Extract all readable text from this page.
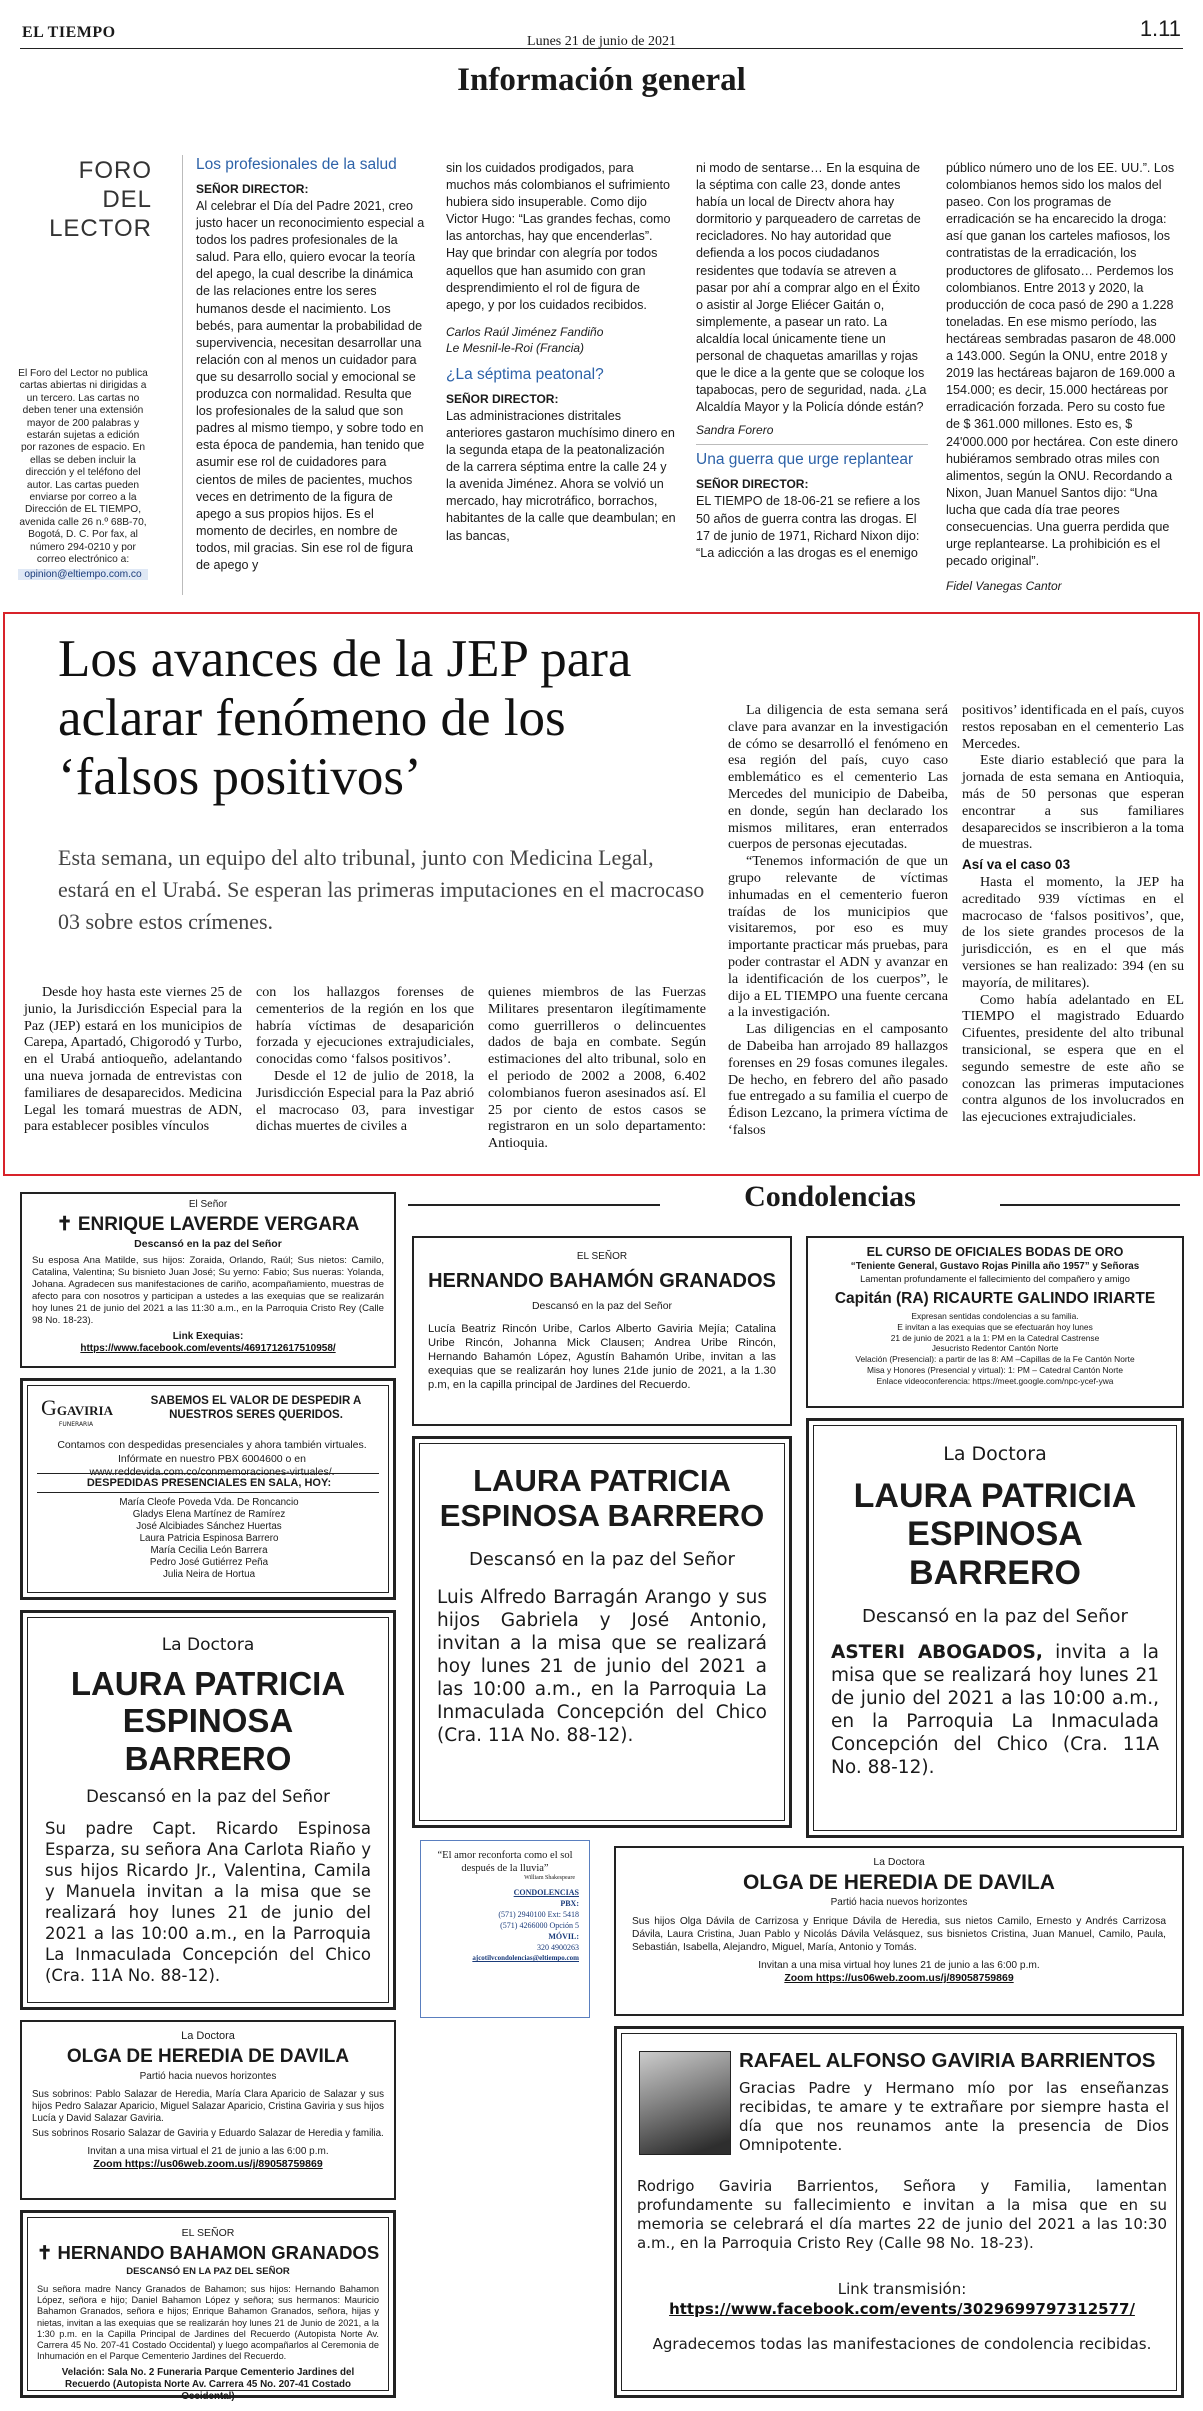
EL TIEMPO
Lunes 21 de junio de 2021
1.11
Información general
FORO DEL
LECTOR
El Foro del Lector no publica cartas abiertas ni dirigidas a un tercero. Las cartas no deben tener una extensión mayor de 200 palabras y estarán sujetas a edición por razones de espacio. En ellas se deben incluir la dirección y el teléfono del autor. Las cartas pueden enviarse por correo a la Dirección de EL TIEMPO, avenida calle 26 n.º 68B-70, Bogotá, D. C. Por fax, al número 294-0210 y por correo electrónico a:
opinion@eltiempo.com.co
Los profesionales de la salud
SEÑOR DIRECTOR:
Al celebrar el Día del Padre 2021, creo justo hacer un reconocimiento especial a todos los padres profesionales de la salud. Para ello, quiero evocar la teoría del apego, la cual describe la dinámica de las relaciones entre los seres humanos desde el nacimiento. Los bebés, para aumentar la probabilidad de supervivencia, necesitan desarrollar una relación con al menos un cuidador para que su desarrollo social y emocional se produzca con normalidad. Resulta que los profesionales de la salud que son padres al mismo tiempo, y sobre todo en esta época de pandemia, han tenido que asumir ese rol de cuidadores para cientos de miles de pacientes, muchos veces en detrimento de la figura de apego a sus propios hijos. Es el momento de decirles, en nombre de todos, mil gracias. Sin ese rol de figura de apego y
sin los cuidados prodigados, para muchos más colombianos el sufrimiento hubiera sido insuperable. Como dijo Victor Hugo: “Las grandes fechas, como las antorchas, hay que encenderlas”. Hay que brindar con alegría por todos aquellos que han asumido con gran desprendimiento el rol de figura de apego, y por los cuidados recibidos.
Carlos Raúl Jiménez Fandiño
Le Mesnil-le-Roi (Francia)
¿La séptima peatonal?
SEÑOR DIRECTOR:
Las administraciones distritales anteriores gastaron muchísimo dinero en la segunda etapa de la peatonalización de la carrera séptima entre la calle 24 y la avenida Jiménez. Ahora se volvió un mercado, hay microtráfico, borrachos, habitantes de la calle que deambulan; en las bancas,
ni modo de sentarse… En la esquina de la séptima con calle 23, donde antes había un local de Directv ahora hay dormitorio y parqueadero de carretas de recicladores. No hay autoridad que defienda a los pocos ciudadanos residentes que todavía se atreven a pasar por ahí a comprar algo en el Éxito o asistir al Jorge Eliécer Gaitán o, simplemente, a pasear un rato. La alcaldía local únicamente tiene un personal de chaquetas amarillas y rojas que le dice a la gente que se coloque los tapabocas, pero de seguridad, nada. ¿La Alcaldía Mayor y la Policía dónde están?
Sandra Forero
Una guerra que urge replantear
SEÑOR DIRECTOR:
EL TIEMPO de 18-06-21 se refiere a los 50 años de guerra contra las drogas. El 17 de junio de 1971, Richard Nixon dijo: “La adicción a las drogas es el enemigo
público número uno de los EE. UU.”. Los colombianos hemos sido los malos del paseo. Con los programas de erradicación se ha encarecido la droga: así que ganan los carteles mafiosos, los contratistas de la erradicación, los productores de glifosato… Perdemos los colombianos. Entre 2013 y 2020, la producción de coca pasó de 290 a 1.228 toneladas. En ese mismo período, las hectáreas sembradas pasaron de 48.000 a 143.000. Según la ONU, entre 2018 y 2019 las hectáreas bajaron de 169.000 a 154.000; es decir, 15.000 hectáreas por erradicación forzada. Pero su costo fue de $ 361.000 millones. Esto es, $ 24'000.000 por hectárea. Con este dinero hubiéramos sembrado otras miles con alimentos, según la ONU. Recordando a Nixon, Juan Manuel Santos dijo: “Una lucha que cada día trae peores consecuencias. Una guerra perdida que urge replantearse. La prohibición es el pecado original”.
Fidel Vanegas Cantor
Los avances de la JEP para aclarar fenómeno de los ‘falsos positivos’
Esta semana, un equipo del alto tribunal, junto con Medicina Legal, estará en el Urabá. Se esperan las primeras imputaciones en el macrocaso 03 sobre estos crímenes.

Desde hoy hasta este viernes 25 de junio, la Jurisdicción Especial para la Paz (JEP) estará en los municipios de Carepa, Apartadó, Chigorodó y Turbo, en el Urabá antioqueño, adelantando una nueva jornada de entrevistas con familiares de desaparecidos. Medicina Legal les tomará muestras de ADN, para establecer posibles vínculos

con los hallazgos forenses de cementerios de la región en los que habría víctimas de desaparición forzada y ejecuciones extrajudiciales, conocidas como ‘falsos positivos’.

Desde el 12 de julio de 2018, la Jurisdicción Especial para la Paz abrió el macrocaso 03, para investigar dichas muertes de civiles a

quienes miembros de las Fuerzas Militares presentaron ilegítimamente como guerrilleros o delincuentes dados de baja en combate. Según estimaciones del alto tribunal, solo en el periodo de 2002 a 2008, 6.402 colombianos fueron asesinados así. El 25 por ciento de estos casos se registraron en un solo departamento: Antioquia.

La diligencia de esta semana será clave para avanzar en la investigación de cómo se desarrolló el fenómeno en esa región del país, cuyo caso emblemático es el cementerio Las Mercedes del municipio de Dabeiba, en donde, según han declarado los mismos militares, eran enterrados cuerpos de personas ejecutadas.

“Tenemos información de que un grupo relevante de víctimas inhumadas en el cementerio fueron traídas de los municipios que visitaremos, por eso es muy importante practicar más pruebas, para poder contrastar el ADN y avanzar en la identificación de los cuerpos”, le dijo a EL TIEMPO una fuente cercana a la investigación.

Las diligencias en el camposanto de Dabeiba han arrojado 89 hallazgos forenses en 29 fosas comunes ilegales. De hecho, en febrero del año pasado fue entregado a su familia el cuerpo de Édison Lezcano, la primera víctima de ‘falsos

positivos’ identificada en el país, cuyos restos reposaban en el cementerio Las Mercedes.

Este diario estableció que para la jornada de esta semana en Antioquia, más de 50 personas que esperan encontrar a sus familiares desaparecidos se inscribieron a la toma de muestras.

Así va el caso 03

Hasta el momento, la JEP ha acreditado 939 víctimas en el macrocaso de ‘falsos positivos’, que, de los siete grandes procesos de la jurisdicción, es en el que más versiones se han realizado: 394 (en su mayoría, de militares).

Como había adelantado en EL TIEMPO el magistrado Eduardo Cifuentes, presidente del alto tribunal transicional, se espera que en el segundo semestre de este año se conozcan las primeras imputaciones contra algunos de los involucrados en las ejecuciones extrajudiciales.

Condolencias
El Señor
✝ ENRIQUE LAVERDE VERGARA
Descansó en la paz del Señor
Su esposa Ana Matilde, sus hijos: Zoraida, Orlando, Raúl; Sus nietos: Camilo, Catalina, Valentina; Su bisnieto Juan José; Su yerno: Fabio; Sus nueras: Yolanda, Johana. Agradecen sus manifestaciones de cariño, acompañamiento, muestras de afecto para con nosotros y participan a ustedes a las exequias que se realizarán hoy lunes 21 de junio del 2021 a las 11:30 a.m., en la Parroquia Cristo Rey (Calle 98 No. 18-23).
Link Exequias: https://www.facebook.com/events/469171261751095​8/
GGAVIRIA
FUNERARIA
SABEMOS EL VALOR DE DESPEDIR A NUESTROS SERES QUERIDOS.
Contamos con despedidas presenciales y ahora también virtuales. Infórmate en nuestro PBX 6004600 o en www.reddevida.com.co/conmemoraciones-virtuales/.
DESPEDIDAS PRESENCIALES EN SALA, HOY:
María Cleofe Poveda Vda. De Roncancio
Gladys Elena Martínez de Ramírez
José Alcibiades Sánchez Huertas
Laura Patricia Espinosa Barrero
María Cecilia León Barrera
Pedro José Gutiérrez Peña
Julia Neira de Hortua
La Doctora
LAURA PATRICIA ESPINOSA BARRERO
Descansó en la paz del Señor
Su padre Capt. Ricardo Espinosa Esparza, su señora Ana Carlota Riaño y sus hijos Ricardo Jr., Valentina, Camila y Manuela invitan a la misa que se realizará hoy lunes 21 de junio del 2021 a las 10:00 a.m., en la Parroquia La Inmaculada Concepción del Chico (Cra. 11A No. 88-12).
La Doctora
OLGA DE HEREDIA DE DAVILA
Partió hacia nuevos horizontes
Sus sobrinos: Pablo Salazar de Heredia, María Clara Aparicio de Salazar y sus hijos Pedro Salazar Aparicio, Miguel Salazar Aparicio, Cristina Gaviria y sus hijos Lucía y David Salazar Gaviria.
Sus sobrinos Rosario Salazar de Gaviria y Eduardo Salazar de Heredia y familia.
Invitan a una misa virtual el 21 de junio a las 6:00 p.m.
Zoom https://us06web.zoom.us/j/89058759869
EL SEÑOR
✝ HERNANDO BAHAMON GRANADOS
DESCANSÓ EN LA PAZ DEL SEÑOR
Su señora madre Nancy Granados de Bahamon; sus hijos: Hernando Bahamon López, señora e hijo; Daniel Bahamon López y señora; sus hermanos: Mauricio Bahamon Granados, señora e hijos; Enrique Bahamon Granados, señora, hijas y nietas, invitan a las exequias que se realizarán hoy lunes 21 de Junio de 2021, a la 1:30 p.m. en la Capilla Principal de Jardines del Recuerdo (Autopista Norte Av. Carrera 45 No. 207-41 Costado Occidental) y luego acompañarlos al Ceremonia de Inhumación en el Parque Cementerio Jardines del Recuerdo.
Velación: Sala No. 2 Funeraria Parque Cementerio Jardines del Recuerdo (Autopista Norte Av. Carrera 45 No. 207-41 Costado Occidental)
EL SEÑOR
HERNANDO BAHAMÓN GRANADOS
Descansó en la paz del Señor
Lucía Beatriz Rincón Uribe, Carlos Alberto Gaviria Mejía; Catalina Uribe Rincón, Johanna Mick Clausen; Andrea Uribe Rincón, Hernando Bahamón López, Agustín Bahamón Uribe, invitan a las exequias que se realizarán hoy lunes 21de junio de 2021, a la 1.30 p.m, en la capilla principal de Jardines del Recuerdo.
LAURA PATRICIA ESPINOSA BARRERO
Descansó en la paz del Señor
Luis Alfredo Barragán Arango y sus hijos Gabriela y José Antonio, invitan a la misa que se realizará hoy lunes 21 de junio del 2021 a las 10:00 a.m., en la Parroquia La Inmaculada Concepción del Chico (Cra. 11A No. 88-12).
“El amor reconforta como el sol después de la lluvia”
William Shakespeare
CONDOLENCIAS
PBX:
(571) 2940100 Ext: 5418
(571) 4266000 Opción 5
MÓVIL:
320 4900263
ajcotilvcondolencias@eltiempo.com
EL CURSO DE OFICIALES BODAS DE ORO
“Teniente General, Gustavo Rojas Pinilla año 1957” y Señoras
Lamentan profundamente el fallecimiento del compañero y amigo
Capitán (RA) RICAURTE GALINDO IRIARTE
Expresan sentidas condolencias a su familia.
E invitan a las exequias que se efectuarán hoy lunes
21 de junio de 2021 a la 1: PM en la Catedral Castrense
Jesucristo Redentor Cantón Norte
Velación (Presencial): a partir de las 8: AM –Capillas de la Fe Cantón Norte
Misa y Honores (Presencial y virtual): 1: PM – Catedral Cantón Norte
Enlace videoconferencia: https://meet.google.com/npc-ycef-ywa
La Doctora
LAURA PATRICIA ESPINOSA BARRERO
Descansó en la paz del Señor
ASTERI ABOGADOS, invita a la misa que se realizará hoy lunes 21 de junio del 2021 a las 10:00 a.m., en la Parroquia La Inmaculada Concepción del Chico (Cra. 11A No. 88-12).
La Doctora
OLGA DE HEREDIA DE DAVILA
Partió hacia nuevos horizontes
Sus hijos Olga Dávila de Carrizosa y Enrique Dávila de Heredia, sus nietos Camilo, Ernesto y Andrés Carrizosa Dávila, Laura Cristina, Juan Pablo y Nicolás Dávila Velásquez, sus bisnietos Cristina, Juan Manuel, Camilo, Paula, Sebastián, Isabella, Alejandro, Miguel, María, Antonio y Tomás.
Invitan a una misa virtual hoy lunes 21 de junio a las 6:00 p.m.
Zoom https://us06web.zoom.us/j/89058759869
RAFAEL ALFONSO GAVIRIA BARRIENTOS
Gracias Padre y Hermano mío por las enseñanzas recibidas, te amare y te extrañare por siempre hasta el día que nos reunamos ante la presencia de Dios Omnipotente.
Rodrigo Gaviria Barrientos, Señora y Familia, lamentan profundamente su fallecimiento e invitan a la misa que en su memoria se celebrará el día martes 22 de junio del 2021 a las 10:30 a.m., en la Parroquia Cristo Rey (Calle 98 No. 18-23).
Link transmisión: https://www.facebook.com/events/3029699797312577/
Agradecemos todas las manifestaciones de condolencia recibidas.
